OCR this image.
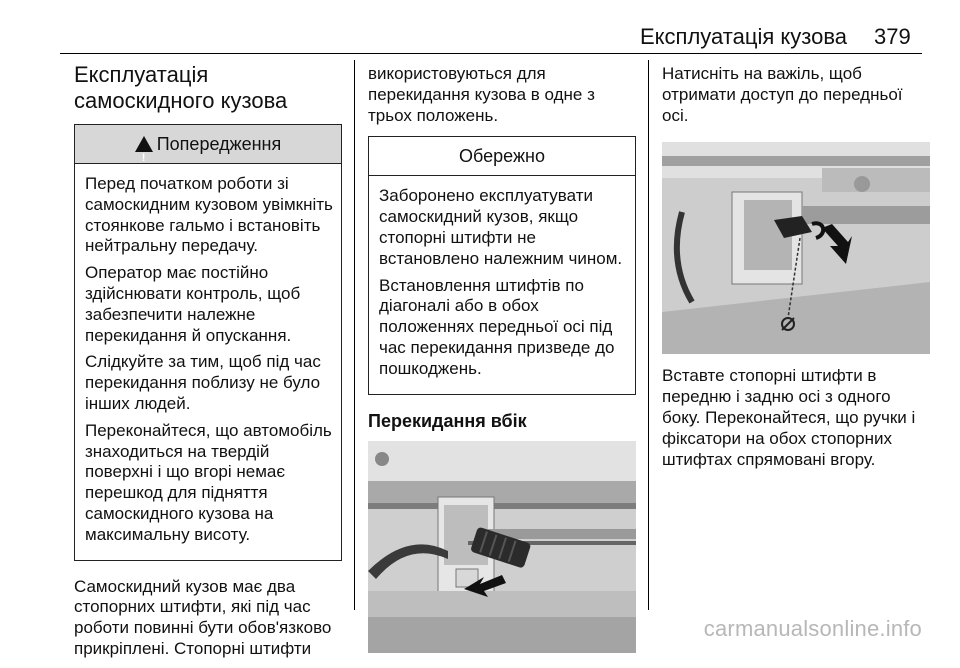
Експлуатація кузова 379
Експлуатація
самоскидного кузова
!Попередження

Перед початком роботи зі самоскидним кузовом увімкніть стоянкове гальмо і встановіть нейтральну передачу.

Оператор має постійно здійснювати контроль, щоб забезпечити належне перекидання й опускання.

Слідкуйте за тим, щоб під час перекидання поблизу не було інших людей.

Переконайтеся, що автомобіль знаходиться на твердій поверхні і що вгорі немає перешкод для підняття самоскидного кузова на максимальну висоту.

Самоскидний кузов має два стопорних штифти, які під час роботи повинні бути обов'язково прикріплені. Стопорні штифти

використовуються для перекидання кузова в одне з трьох положень.

Обережно

Заборонено експлуатувати самоскидний кузов, якщо стопорні штифти не встановлено належним чином.

Встановлення штифтів по діагоналі або в обох положеннях передньої осі під час перекидання призведе до пошкоджень.

Перекидання вбік

Натисніть на важіль, щоб отримати доступ до передньої осі.

Вставте стопорні штифти в передню і задню осі з одного боку. Переконайтеся, що ручки і фіксатори на обох стопорних штифтах спрямовані вгору.

carmanualsonline.info
